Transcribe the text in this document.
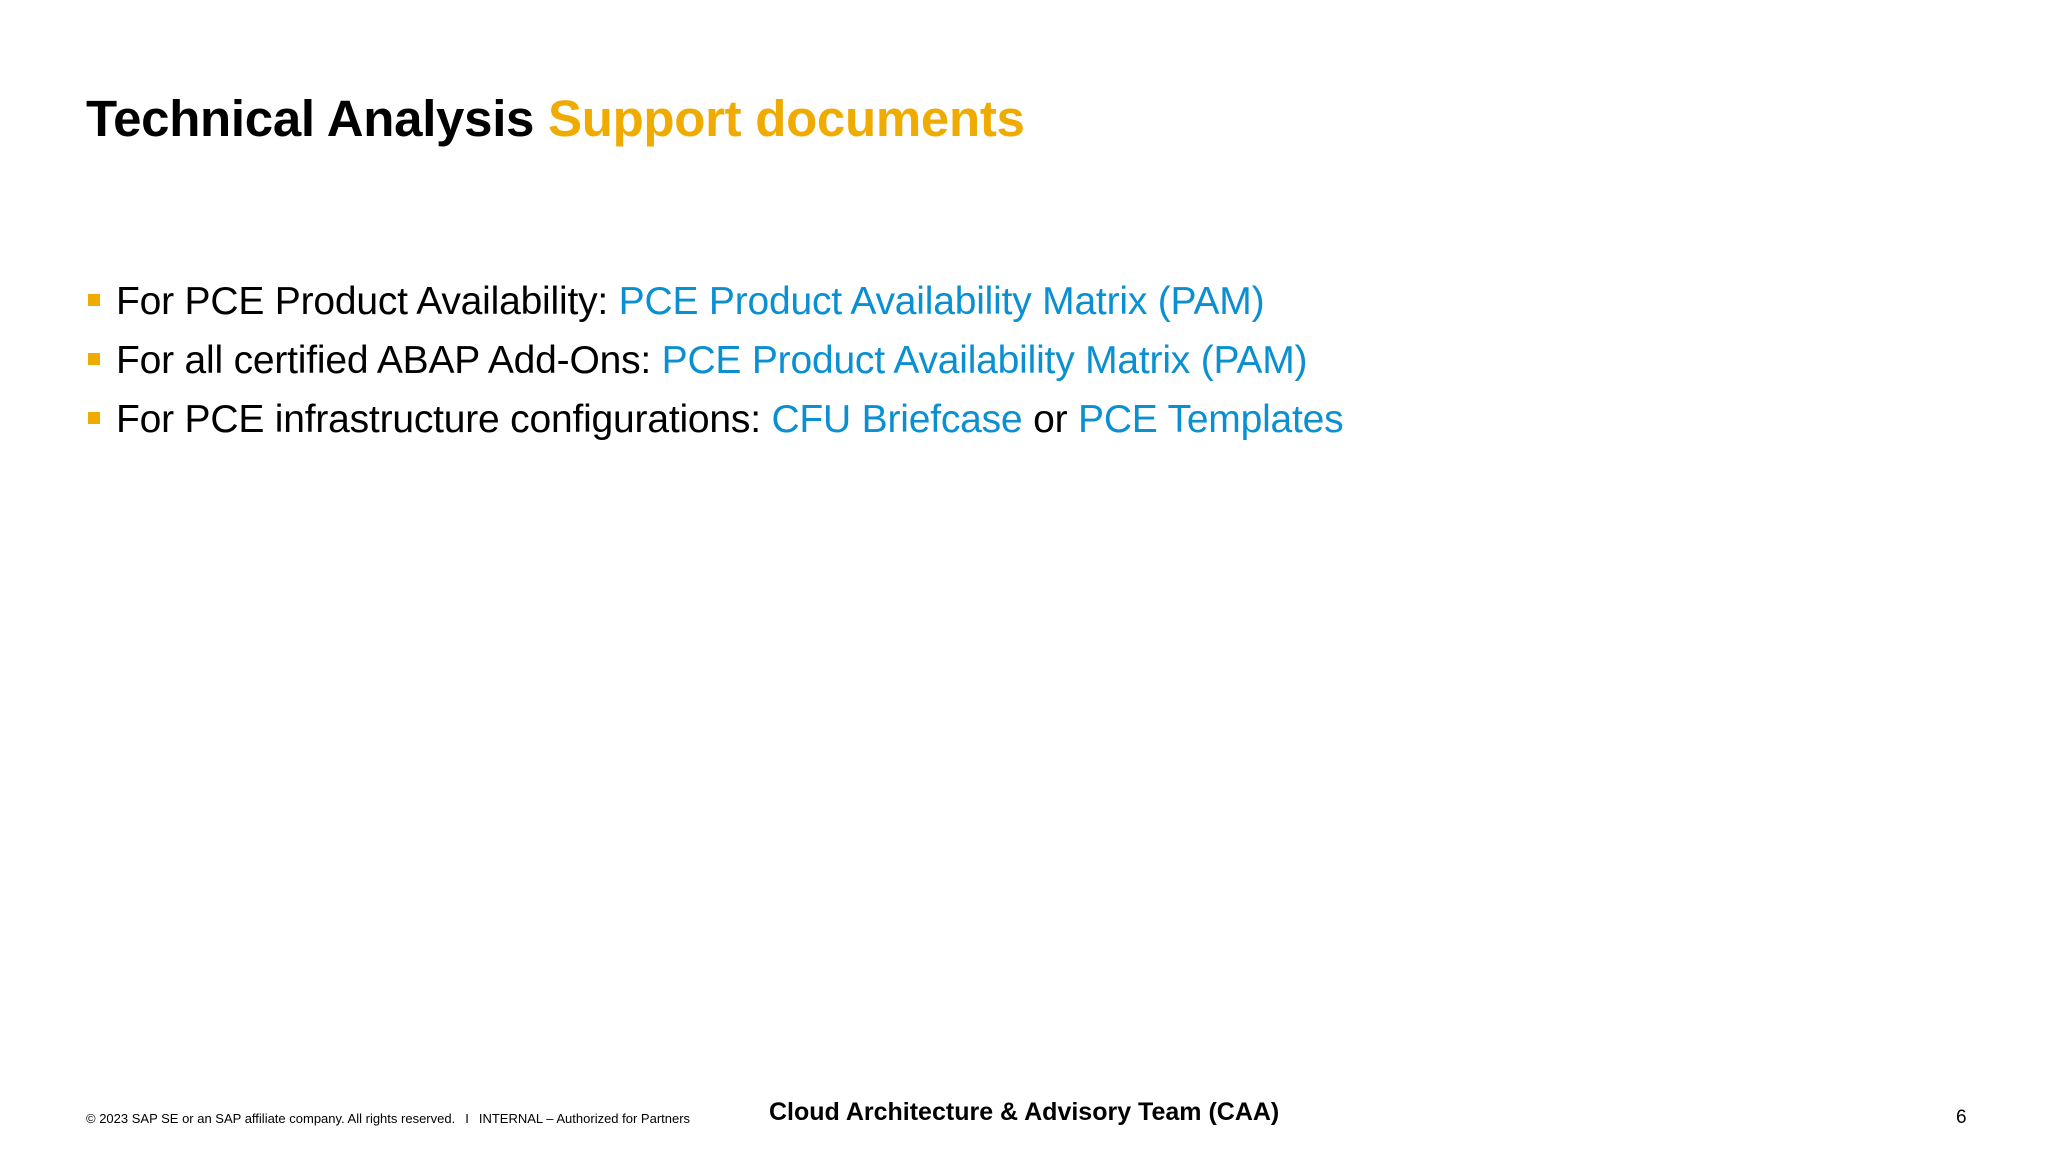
Technical Analysis Support documents
For PCE Product Availability: PCE Product Availability Matrix (PAM)
For all certified ABAP Add-Ons: PCE Product Availability Matrix (PAM)
For PCE infrastructure configurations: CFU Briefcase or PCE Templates
© 2023 SAP SE or an SAP affiliate company. All rights reserved. I INTERNAL – Authorized for Partners	Cloud Architecture & Advisory Team (CAA)	6
